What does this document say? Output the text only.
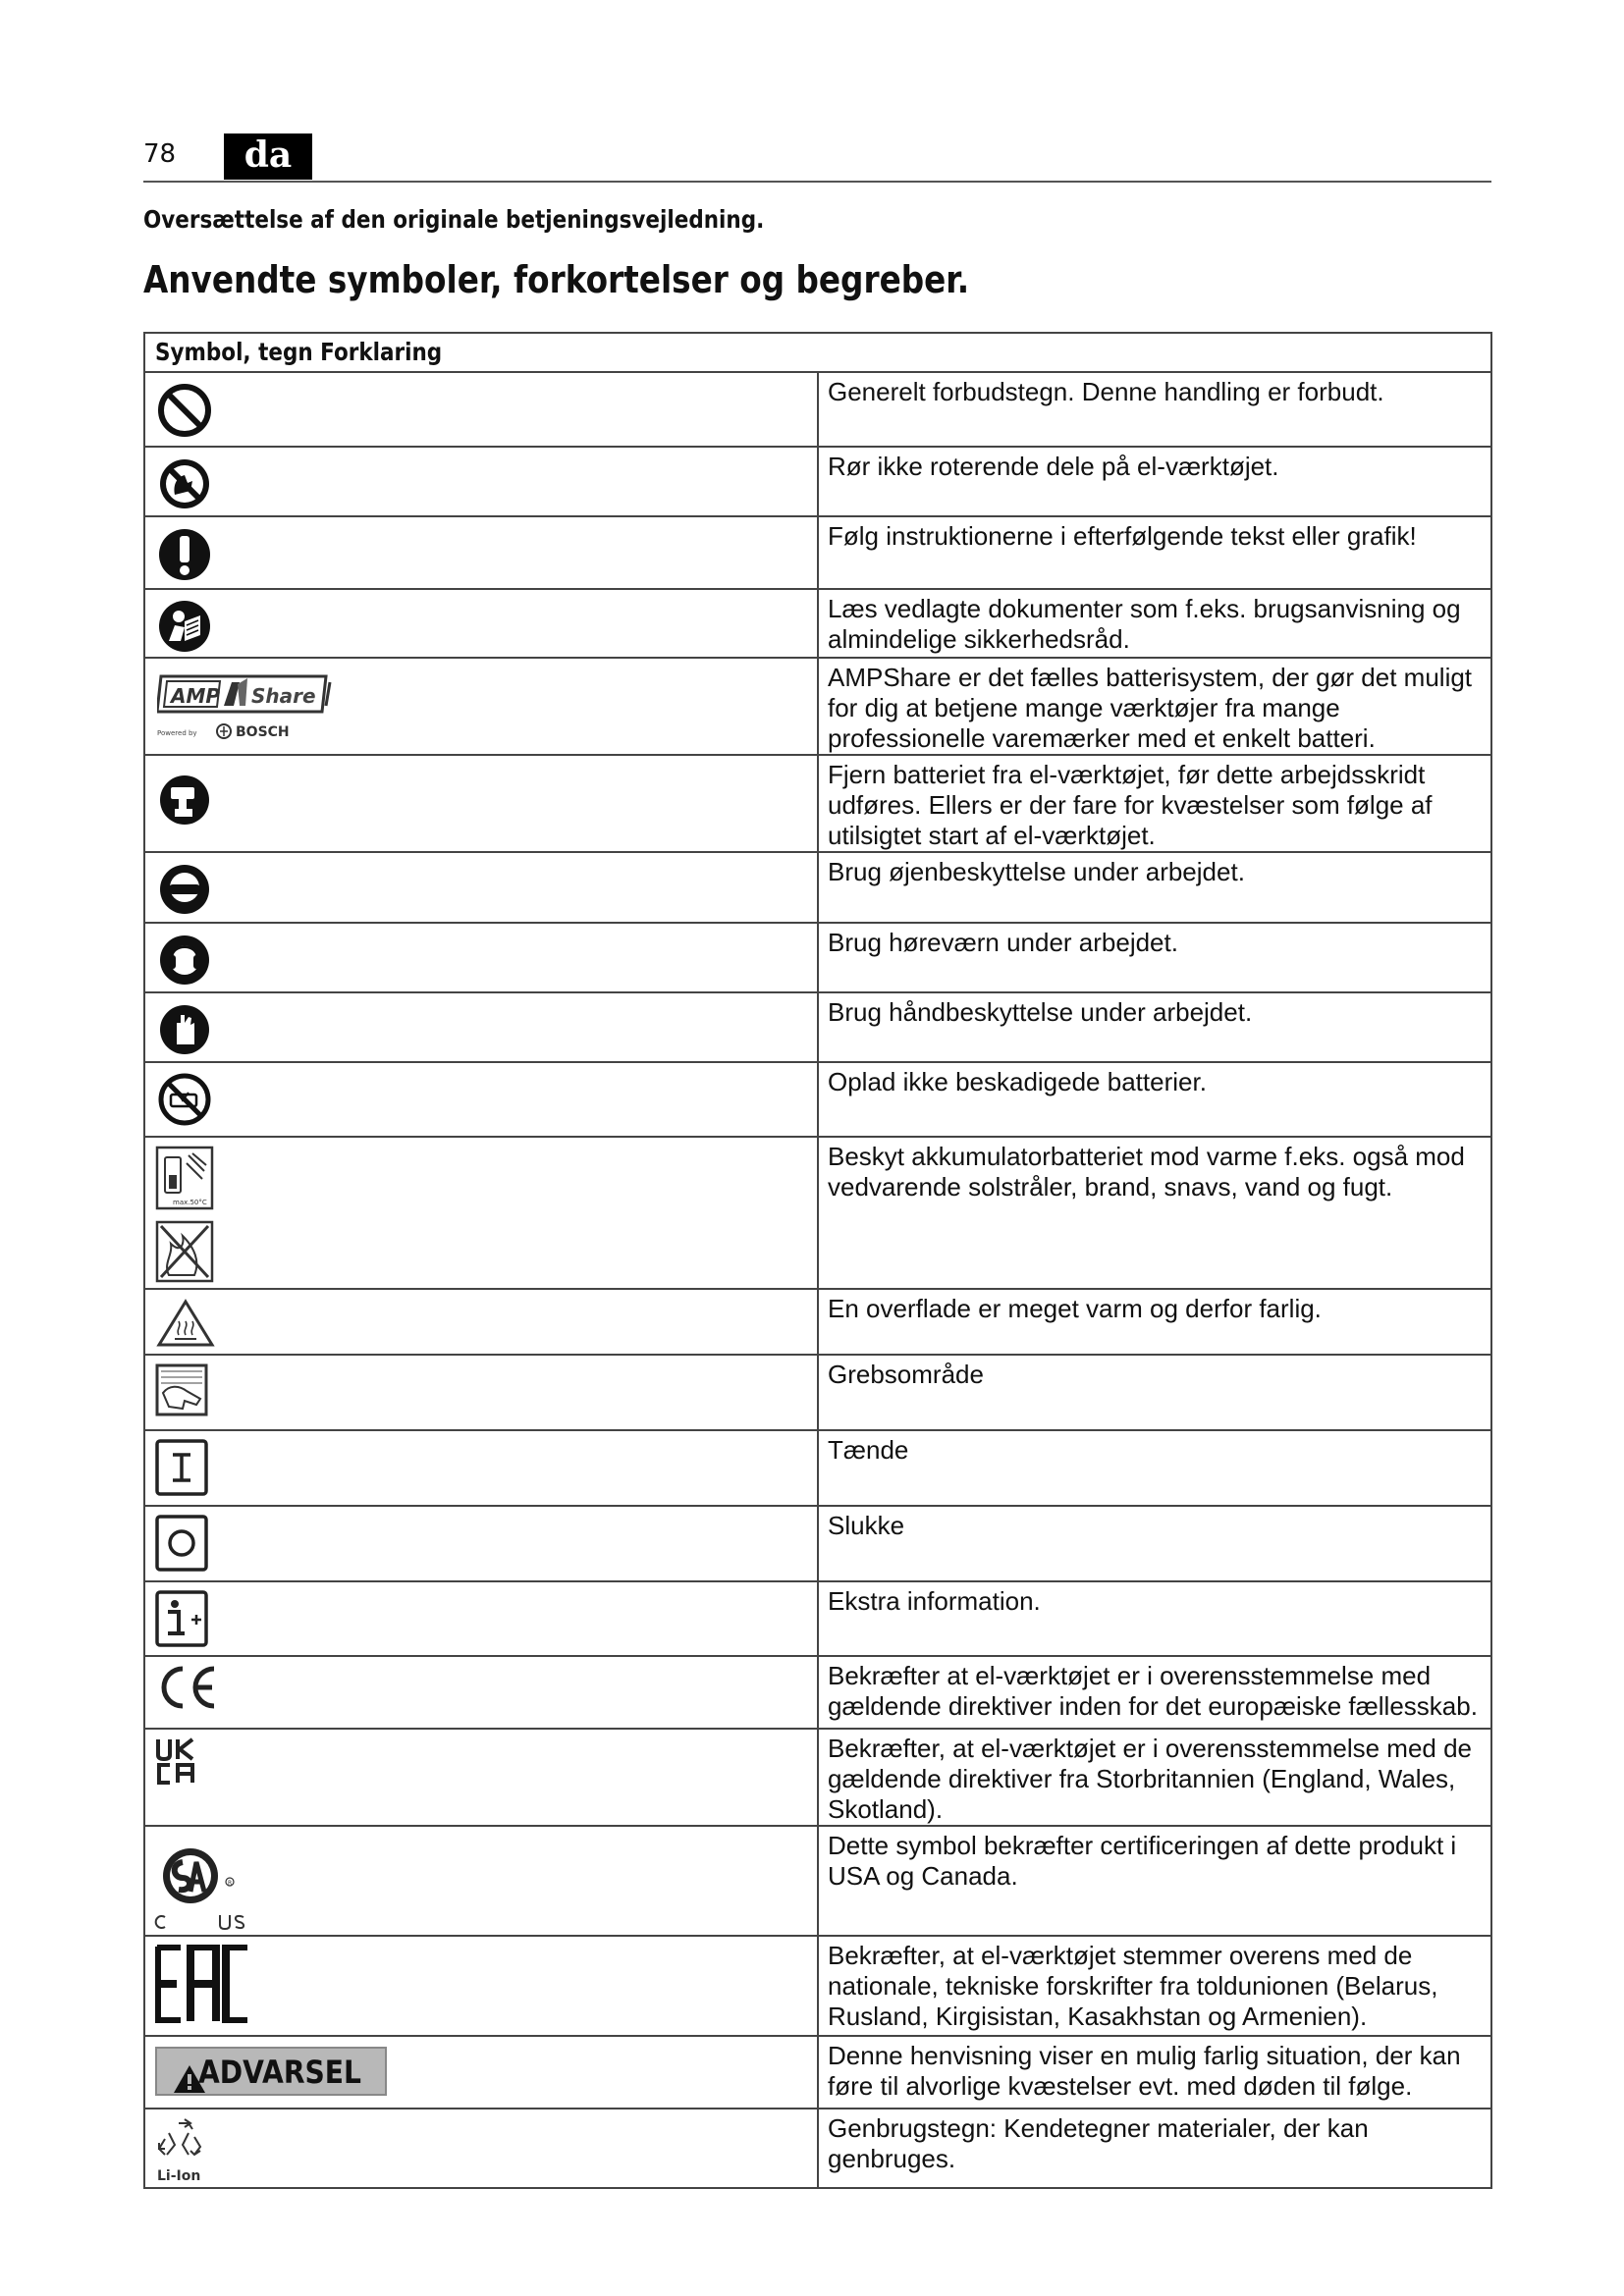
78	da
Oversættelse af den originale betjeningsvejledning.
Anvendte symboler, forkortelser og begreber.
Symbol, tegn Forklaring	

	Generelt forbudstegn. Denne handling er forbudt.

	Rør ikke roterende dele på el-værktøjet.

	Følg instruktionerne i efterfølgende tekst eller grafik!

	Læs vedlagte dokumenter som f.eks. brugsanvisning og almindelige sikkerhedsråd.

AMP Share
Powered by BOSCH	AMPShare er det fælles batterisystem, der gør det muligt for dig at betjene mange værktøjer fra mange professionelle varemærker med et enkelt batteri.

	Fjern batteriet fra el-værktøjet, før dette arbejdsskridt udføres. Ellers er der fare for kvæstelser som følge af utilsigtet start af el-værktøjet.

	Brug øjenbeskyttelse under arbejdet.

	Brug høreværn under arbejdet.

	Brug håndbeskyttelse under arbejdet.

	Oplad ikke beskadigede batterier.

max.50°C	Beskyt akkumulatorbatteriet mod varme f.eks. også mod vedvarende solstråler, brand, snavs, vand og fugt.

	En overflade er meget varm og derfor farlig.

	Grebsområde

	Tænde

	Slukke

	Ekstra information.

	Bekræfter at el-værktøjet er i overensstemmelse med gældende direktiver inden for det europæiske fællesskab.

	Bekræfter, at el-værktøjet er i overensstemmelse med de gældende direktiver fra Storbritannien (England, Wales, Skotland).

R	Dette symbol bekræfter certificeringen af dette produkt i USA og Canada.

	Bekræfter, at el-værktøjet stemmer overens med de nationale, tekniske forskrifter fra toldunionen (Belarus, Rusland, Kirgisistan, Kasakhstan og Armenien).

ADVARSEL	Denne henvisning viser en mulig farlig situation, der kan føre til alvorlige kvæstelser evt. med døden til følge.

Li-Ion	Genbrugstegn: Kendetegner materialer, der kan genbruges.
